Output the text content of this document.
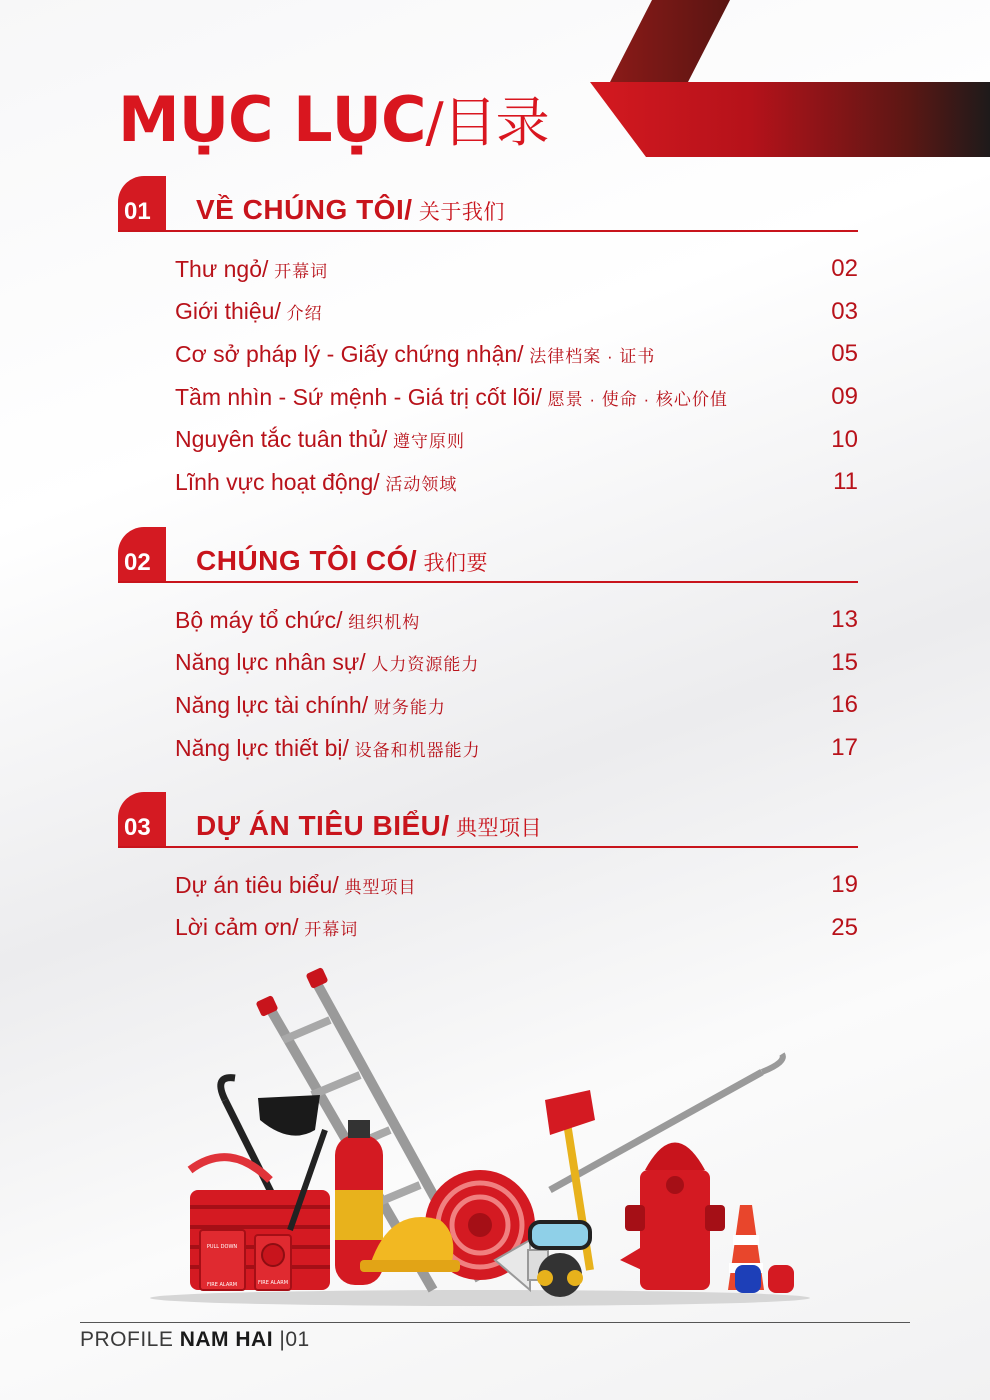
MỤC LỤC/目录
01	VỀ CHÚNG TÔI/ 关于我们
Thư ngỏ/ 开幕词	02
Giới thiệu/ 介绍	03
Cơ sở pháp lý - Giấy chứng nhận/ 法律档案 · 证书	05
Tầm nhìn - Sứ mệnh - Giá trị cốt lõi/ 愿景 · 使命 · 核心价值	09
Nguyên tắc tuân thủ/ 遵守原则	10
Lĩnh vực hoạt động/ 活动领域	11
02	CHÚNG TÔI CÓ/ 我们要
Bộ máy tổ chức/ 组织机构	13
Năng lực nhân sự/ 人力资源能力	15
Năng lực tài chính/ 财务能力	16
Năng lực thiết bị/ 设备和机器能力	17
03	DỰ ÁN TIÊU BIỂU/ 典型项目
Dự án tiêu biểu/ 典型项目	19
Lời cảm ơn/ 开幕词	25
PULL DOWN
FIRE ALARM	FIRE ALARM
PROFILE NAM HAI |01
